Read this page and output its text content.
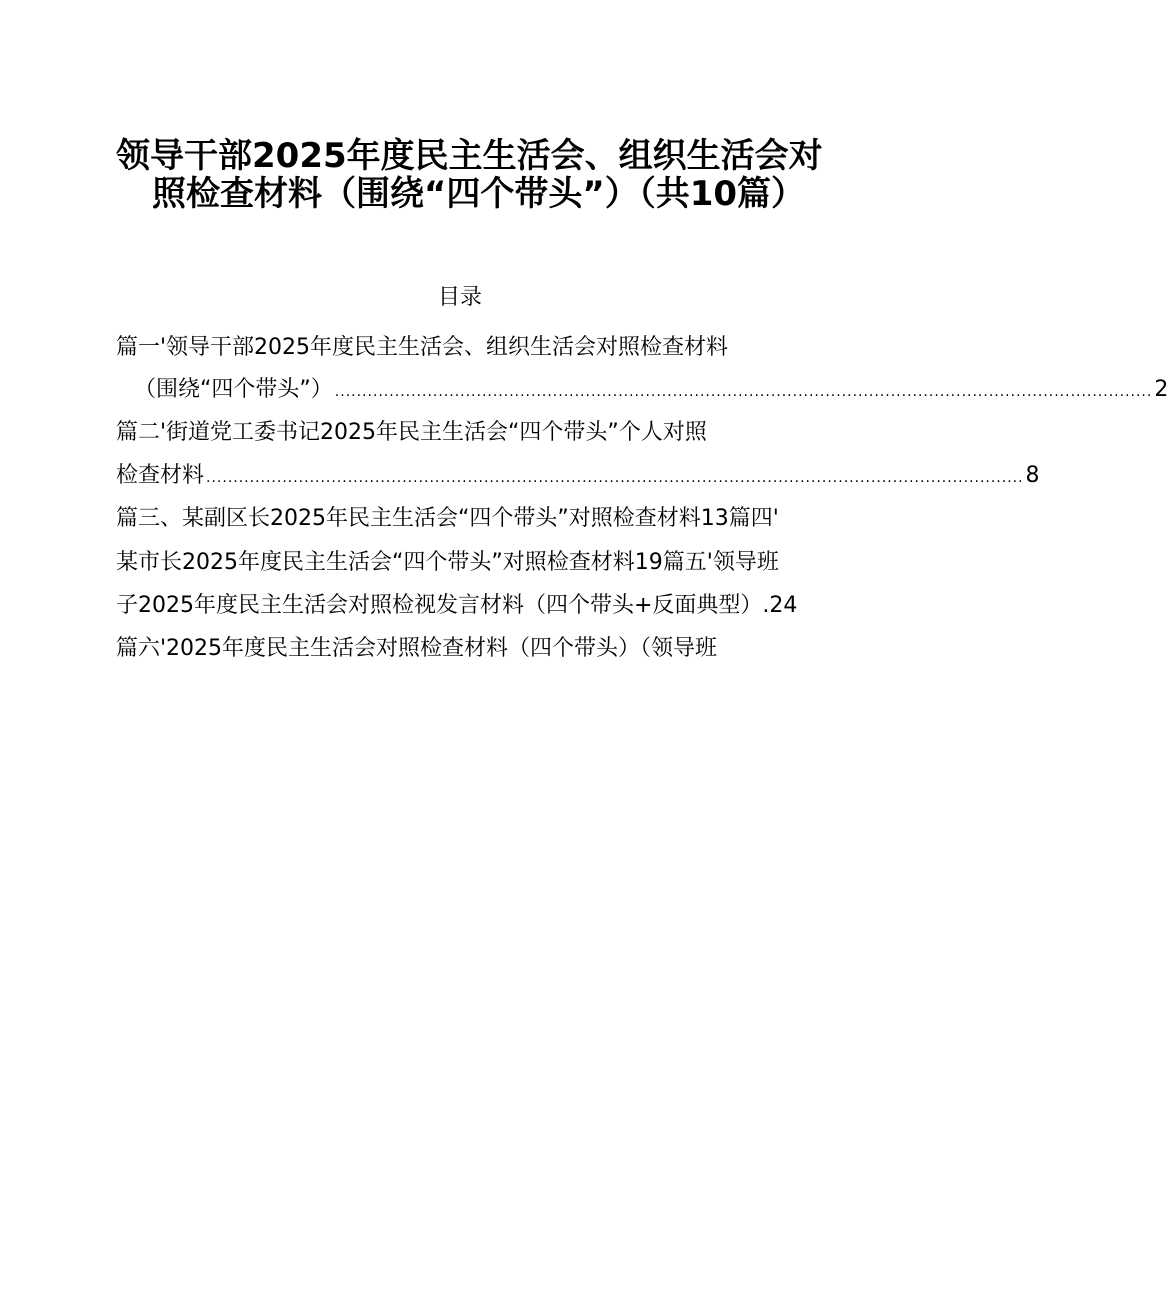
领导干部2025年度民主生活会、组织生活会对
照检查材料（围绕“四个带头”）（共10篇）
目录
篇一'领导干部2025年度民主生活会、组织生活会对照检查材料
（围绕“四个带头”） ...................................................................................................................................................... 2
篇二'街道党工委书记2025年民主生活会“四个带头”个人对照
检查材料 ...................................................................................................................................................... 8
篇三、某副区长2025年民主生活会“四个带头”对照检查材料13篇四'
某市长2025年度民主生活会“四个带头”对照检查材料19篇五'领导班
子2025年度民主生活会对照检视发言材料（四个带头+反面典型）.24
篇六'2025年度民主生活会对照检查材料（四个带头）（领导班
